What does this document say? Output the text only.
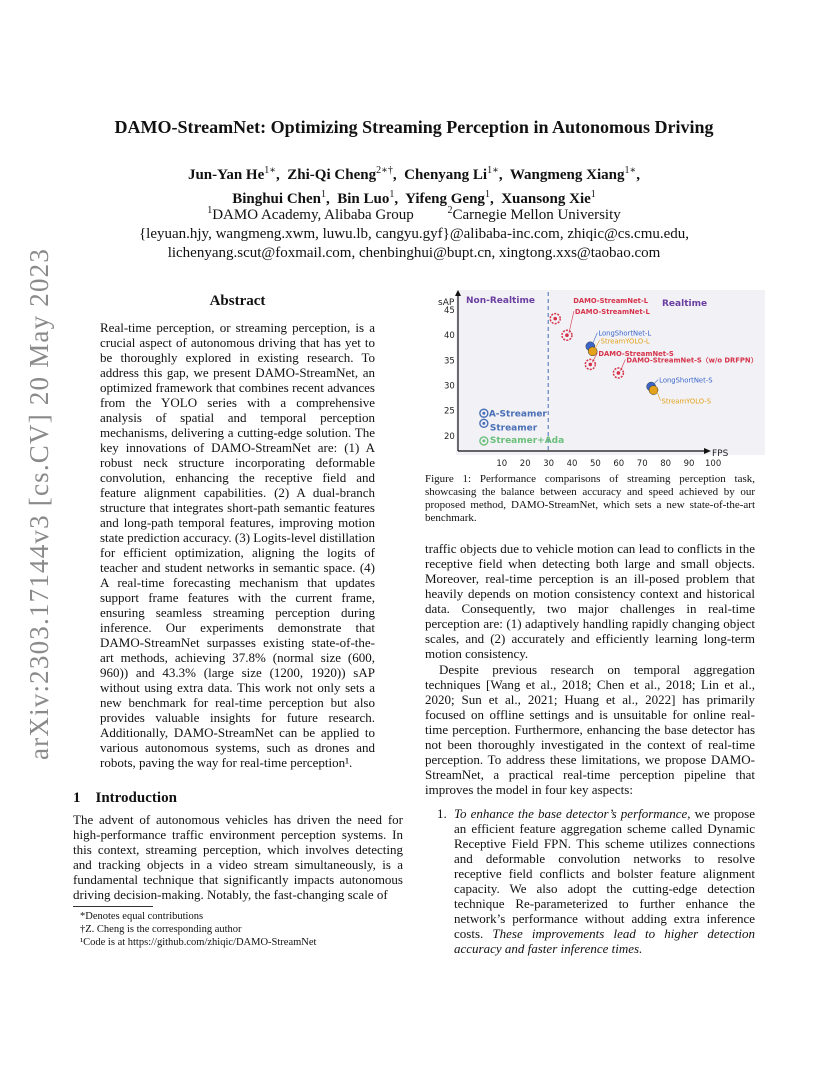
arXiv:2303.17144v3 [cs.CV] 20 May 2023
DAMO-StreamNet: Optimizing Streaming Perception in Autonomous Driving
Jun-Yan $He^{1∗}$,  Zhi-Qi Cheng$^{2∗\dagger}$,  Chenyang $Li^{1∗}$,  Wangmeng Xiang$^{1∗}$,
Binghui Chen$^1$,  Bin Luo$^1$,  Yifeng Geng$^1$,  Xuansong Xie$^1$
$^1$DAMO Academy, Alibaba Group	$^2$Carnegie Mellon University
{leyuan.hjy, wangmeng.xwm, luwu.lb, cangyu.gyf}@alibaba-inc.com, zhiqic@cs.cmu.edu,
lichenyang.scut@foxmail.com, chenbinghui@bupt.cn, xingtong.xxs@taobao.com
Abstract
Real-time perception, or streaming perception, is a crucial aspect of autonomous driving that has yet to be thoroughly explored in existing research. To address this gap, we present DAMO-StreamNet, an optimized framework that combines recent advances from the YOLO series with a comprehensive analysis of spatial and temporal perception mechanisms, delivering a cutting-edge solution. The key innovations of DAMO-StreamNet are: (1) A robust neck structure incorporating deformable convolution, enhancing the receptive field and feature alignment capabilities. (2) A dual-branch structure that integrates short-path semantic features and long-path temporal features, improving motion state prediction accuracy. (3) Logits-level distillation for efficient optimization, aligning the logits of teacher and student networks in semantic space. (4) A real-time forecasting mechanism that updates support frame features with the current frame, ensuring seamless streaming perception during inference. Our experiments demonstrate that DAMO-StreamNet surpasses existing state-of-the-art methods, achieving 37.8% (normal size (600, 960)) and 43.3% (large size (1200, 1920)) sAP without using extra data. This work not only sets a new benchmark for real-time perception but also provides valuable insights for future research. Additionally, DAMO-StreamNet can be applied to various autonomous systems, such as drones and robots, paving the way for real-time perception¹.
1 Introduction
The advent of autonomous vehicles has driven the need for high-performance traffic environment perception systems. In this context, streaming perception, which involves detecting and tracking objects in a video stream simultaneously, is a fundamental technique that significantly impacts autonomous driving decision-making. Notably, the fast-changing scale of

*Denotes equal contributions

†Z. Cheng is the corresponding author

¹Code is at https://github.com/zhiqic/DAMO-StreamNet

sAP
FPS
20
25
30
35
40
45
10 20 30 40 50 60 70 80 90 100
Non-Realtime	Realtime
DAMO-StreamNet-L
DAMO-StreamNet-L
LongShortNet-L
StreamYOLO-L
DAMO-StreamNet-S
DAMO-StreamNet-S（w/o DRFPN）
LongShortNet-S
StreamYOLO-S
A-Streamer
Streamer
Streamer+Ada
Figure 1: Performance comparisons of streaming perception task, showcasing the balance between accuracy and speed achieved by our proposed method, DAMO-StreamNet, which sets a new state-of-the-art benchmark.
traffic objects due to vehicle motion can lead to conflicts in the receptive field when detecting both large and small objects. Moreover, real-time perception is an ill-posed problem that heavily depends on motion consistency context and historical data. Consequently, two major challenges in real-time perception are: (1) adaptively handling rapidly changing object scales, and (2) accurately and efficiently learning long-term motion consistency.
Despite previous research on temporal aggregation techniques [Wang et al., 2018; Chen et al., 2018; Lin et al., 2020; Sun et al., 2021; Huang et al., 2022] has primarily focused on offline settings and is unsuitable for online real-time perception. Furthermore, enhancing the base detector has not been thoroughly investigated in the context of real-time perception. To address these limitations, we propose DAMO-StreamNet, a practical real-time perception pipeline that improves the model in four key aspects:
1. To enhance the base detector’s performance, we propose an efficient feature aggregation scheme called Dynamic Receptive Field FPN. This scheme utilizes connections and deformable convolution networks to resolve receptive field conflicts and bolster feature alignment capacity. We also adopt the cutting-edge detection technique Re-parameterized to further enhance the network’s performance without adding extra inference costs. These improvements lead to higher detection accuracy and faster inference times.
